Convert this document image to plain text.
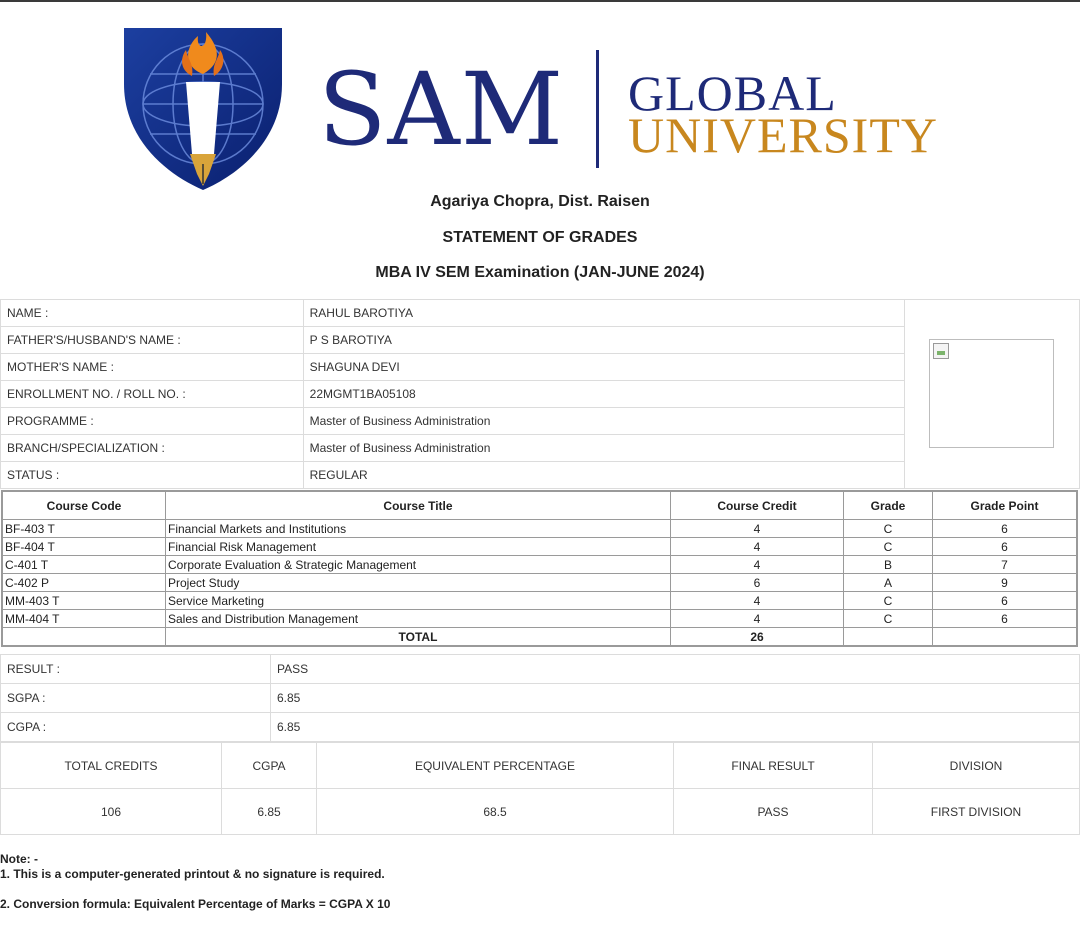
SAM GLOBAL
UNIVERSITY
Agariya Chopra, Dist. Raisen
STATEMENT OF GRADES
MBA IV SEM Examination (JAN-JUNE 2024)
NAME :	RAHUL BAROTIYA	

FATHER'S/HUSBAND'S NAME :	P S BAROTIYA	
MOTHER'S NAME :	SHAGUNA DEVI	
ENROLLMENT NO. / ROLL NO. :	22MGMT1BA05108	
PROGRAMME :	Master of Business Administration	
BRANCH/SPECIALIZATION :	Master of Business Administration	
STATUS :	REGULAR	
Course Code	Course Title	Course Credit	Grade	Grade Point
BF-403 T	Financial Markets and Institutions	4	C	6
BF-404 T	Financial Risk Management	4	C	6
C-401 T	Corporate Evaluation & Strategic Management	4	B	7
C-402 P	Project Study	6	A	9
MM-403 T	Service Marketing	4	C	6
MM-404 T	Sales and Distribution Management	4	C	6
	TOTAL	26		
RESULT :	PASS
SGPA :	6.85
CGPA :	6.85
TOTAL CREDITS	CGPA	EQUIVALENT PERCENTAGE	FINAL RESULT	DIVISION
106	6.85	68.5	PASS	FIRST DIVISION
Note: -
1. This is a computer-generated printout & no signature is required.
2. Conversion formula: Equivalent Percentage of Marks = CGPA X 10
